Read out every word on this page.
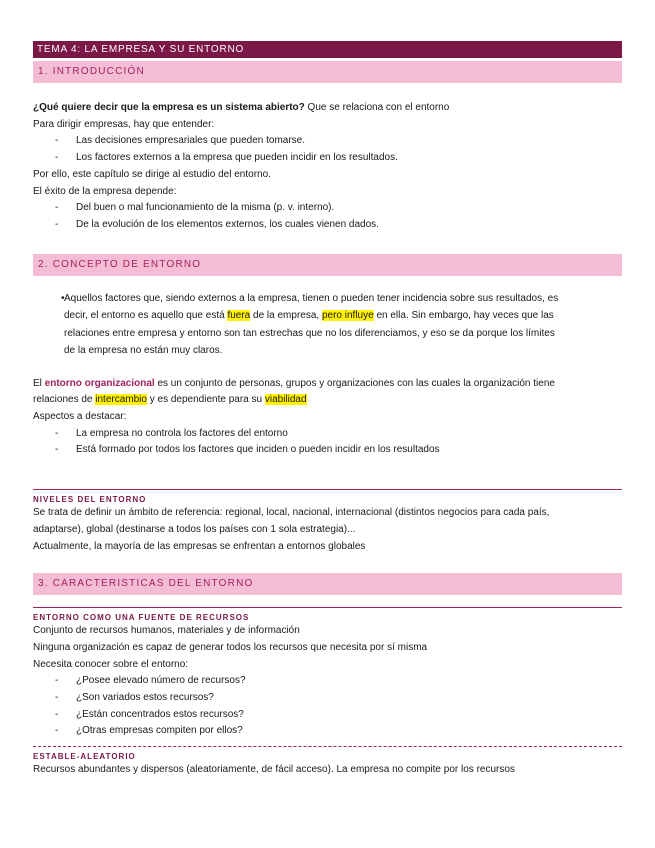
TEMA 4: LA EMPRESA Y SU ENTORNO
1. INTRODUCCIÓN
¿Qué quiere decir que la empresa es un sistema abierto? Que se relaciona con el entorno
Para dirigir empresas, hay que entender:
- Las decisiones empresariales que pueden tomarse.
- Los factores externos a la empresa que pueden incidir en los resultados.
Por ello, este capítulo se dirige al estudio del entorno.
El éxito de la empresa depende:
- Del buen o mal funcionamiento de la misma (p. v. interno).
- De la evolución de los elementos externos, los cuales vienen dados.
2. CONCEPTO DE ENTORNO
• Aquellos factores que, siendo externos a la empresa, tienen o pueden tener incidencia sobre sus resultados, es
decir, el entorno es aquello que está fuera de la empresa, pero influye en ella. Sin embargo, hay veces que las
relaciones entre empresa y entorno son tan estrechas que no los diferenciamos, y eso se da porque los límites
de la empresa no están muy claros.
El entorno organizacional es un conjunto de personas, grupos y organizaciones con las cuales la organización tiene
relaciones de intercambio y es dependiente para su viabilidad
Aspectos a destacar:
- La empresa no controla los factores del entorno
- Está formado por todos los factores que inciden o pueden incidir en los resultados
NIVELES DEL ENTORNO
Se trata de definir un ámbito de referencia: regional, local, nacional, internacional (distintos negocios para cada país,
adaptarse), global (destinarse a todos los países con 1 sola estrategia)...
Actualmente, la mayoría de las empresas se enfrentan a entornos globales
3. CARACTERISTICAS DEL ENTORNO
ENTORNO COMO UNA FUENTE DE RECURSOS
Conjunto de recursos humanos, materiales y de información
Ninguna organización es capaz de generar todos los recursos que necesita por sí misma
Necesita conocer sobre el entorno:
- ¿Posee elevado número de recursos?
- ¿Son variados estos recursos?
- ¿Están concentrados estos recursos?
- ¿Otras empresas compiten por ellos?
ESTABLE-ALEATORIO
Recursos abundantes y dispersos (aleatoriamente, de fácil acceso). La empresa no compite por los recursos
